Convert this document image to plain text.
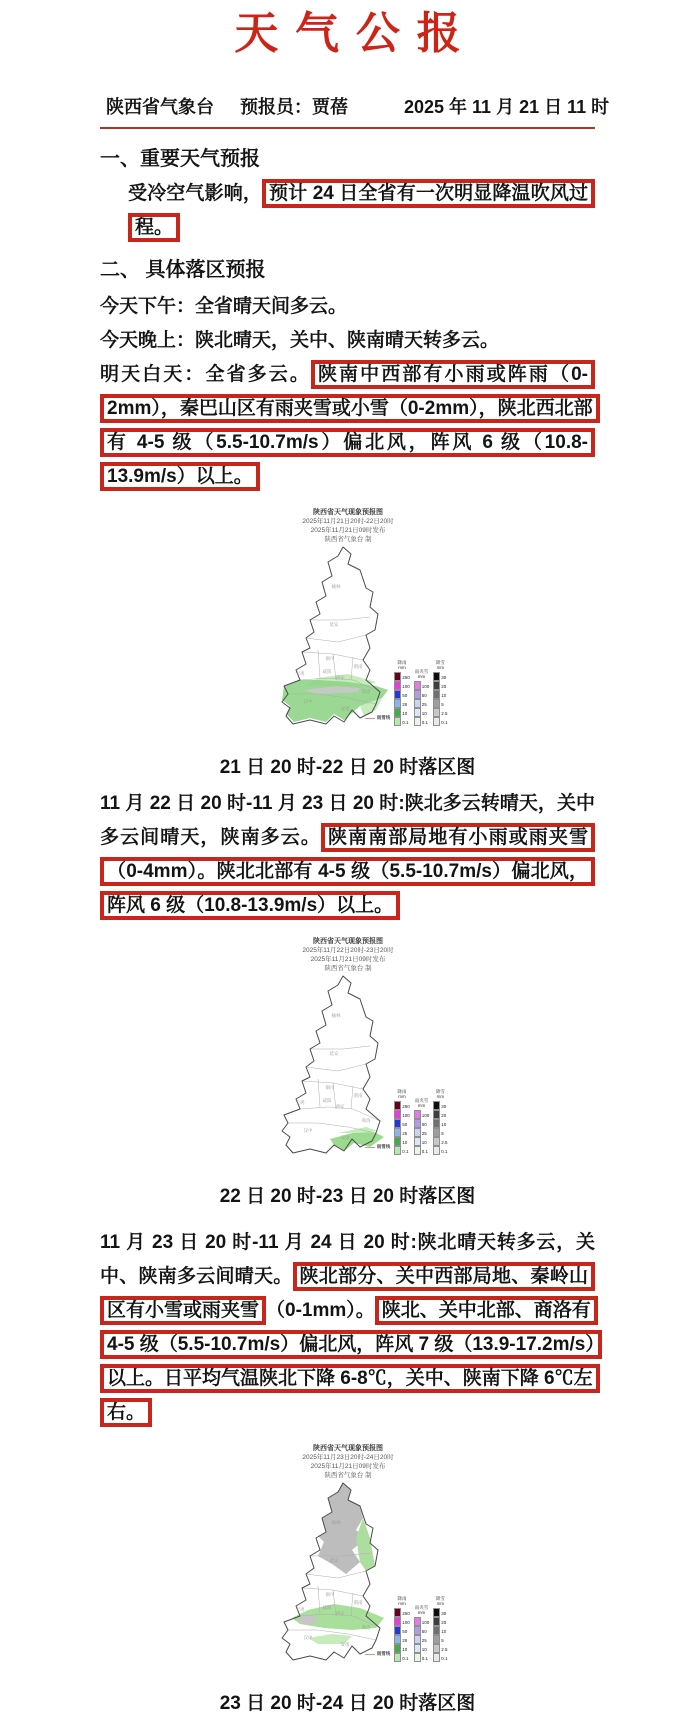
天气公报
陕西省气象台 预报员：贾蓓	2025 年 11 月 21 日 11 时
一、重要天气预报

受冷空气影响， 预计 24 日全省有一次明显降温吹风过程。

二、 具体落区预报

今天下午：全省晴天间多云。

今天晚上：陕北晴天，关中、陕南晴天转多云。

明天白天：全省多云。 陕南中西部有小雨或阵雨（0-2mm），秦巴山区有雨夹雪或小雪（0-2mm），陕北西北部有 4-5 级（5.5-10.7m/s）偏北风，阵风 6 级（10.8-13.9m/s）以上。

陕西省天气现象预报图
2025年11月21日20时-22日20时
2025年11月21日09时发布
陕西省气象台 制
榆林
延安
铜川
渭南
咸阳
宝鸡
西安
商洛
汉中
安康
雨雪线
降雨
mm
250
100
50
25
10
0.1
雨夹雪
mm
100
50
25
10
0.1
降雪
mm
30
20
10
5
2.5
0.1

21 日 20 时-22 日 20 时落区图

11 月 22 日 20 时-11 月 23 日 20 时:陕北多云转晴天，关中多云间晴天，陕南多云。 陕南南部局地有小雨或雨夹雪（0-4mm）。陕北北部有 4-5 级（5.5-10.7m/s）偏北风，阵风 6 级（10.8-13.9m/s）以上。

陕西省天气现象预报图
2025年11月22日20时-23日20时
2025年11月21日09时发布
陕西省气象台 制
榆林
延安
铜川
渭南
咸阳
宝鸡
西安
商洛
汉中
安康
雨雪线
降雨
mm
250
100
50
25
10
0.1
雨夹雪
mm
100
50
25
10
0.1
降雪
mm
30
20
10
5
2.5
0.1

22 日 20 时-23 日 20 时落区图

11 月 23 日 20 时-11 月 24 日 20 时:陕北晴天转多云，关中、陕南多云间晴天。 陕北部分、关中西部局地、秦岭山区有小雪或雨夹雪 （0-1mm）。 陕北、关中北部、商洛有 4-5 级（5.5-10.7m/s）偏北风，阵风 7 级（13.9-17.2m/s）以上。日平均气温陕北下降 6-8℃，关中、陕南下降 6℃左右。

陕西省天气现象预报图
2025年11月23日20时-24日20时
2025年11月21日09时发布
陕西省气象台 制
榆林
延安
铜川
渭南
咸阳
宝鸡
西安
商洛
汉中
安康
雨雪线
降雨
mm
250
100
50
25
10
0.1
雨夹雪
mm
100
50
25
10
0.1
降雪
mm
30
20
10
5
2.5
0.1

23 日 20 时-24 日 20 时落区图
